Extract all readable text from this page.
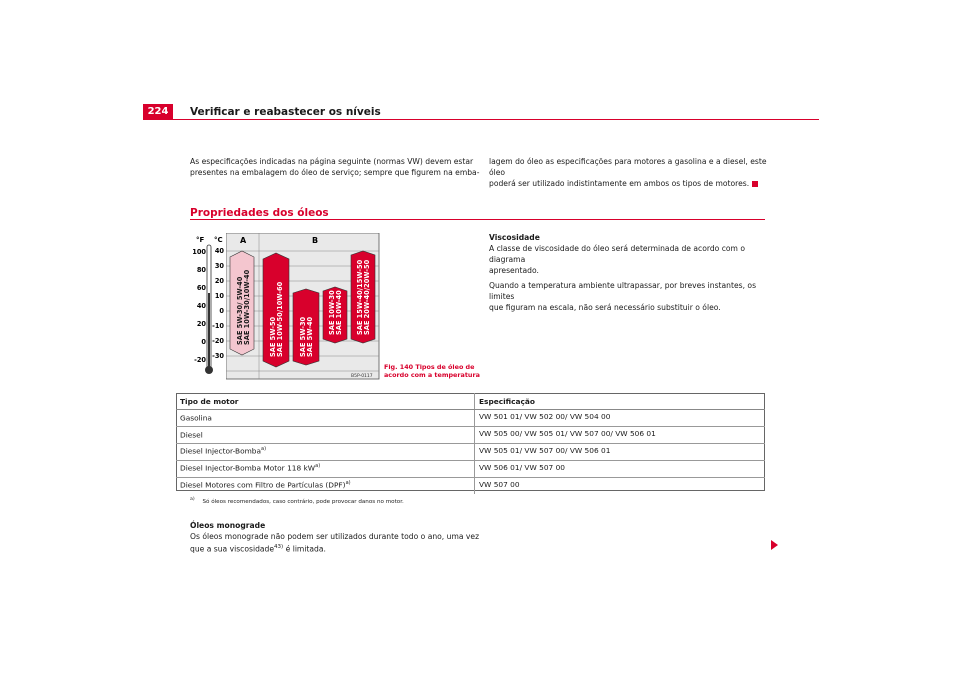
224	Verificar e reabastecer os níveis
As especificações indicadas na página seguinte (normas VW) devem estar
presentes na embalagem do óleo de serviço; sempre que figurem na emba-
lagem do óleo as especificações para motores a gasolina e a diesel, este óleo
poderá ser utilizado indistintamente em ambos os tipos de motores.
Propriedades dos óleos
°F °C A	B
100
80
60
40
20
0
-20
40
30
20
10
0
-10
-20
-30
SAE 5W-30/ 5W-40 SAE 10W-30/10W-40	SAE 5W-50 SAE 10W-50/10W-60 SAE 5W-30 SAE 5W-40
SAE 10W-30 SAE 10W-40 SAE 15W-40/15W-50 SAE 20W-40/20W-50
B5P-0117
Fig. 140 Tipos de óleo de
acordo com a temperatura
Viscosidade
A classe de viscosidade do óleo será determinada de acordo com o diagrama
apresentado.
Quando a temperatura ambiente ultrapassar, por breves instantes, os limites
que figuram na escala, não será necessário substituir o óleo.
Tipo de motor	Especificação
Gasolina	VW 501 01/ VW 502 00/ VW 504 00
Diesel	VW 505 00/ VW 505 01/ VW 507 00/ VW 506 01
Diesel Injector-Bomba$^{a)}$	VW 505 01/ VW 507 00/ VW 506 01
Diesel Injector-Bomba Motor 118 $kW^{a)}$	VW 506 01/ VW 507 00
Diesel Motores com Filtro de Partículas (DPF)$^{a)}$	VW 507 00
$^{a)}$ Só óleos recomendados, caso contrário, pode provocar danos no motor.
Óleos monograde
Os óleos monograde não podem ser utilizados durante todo o ano, uma vez
que a sua viscosidade$^{43)}$ é limitada.
